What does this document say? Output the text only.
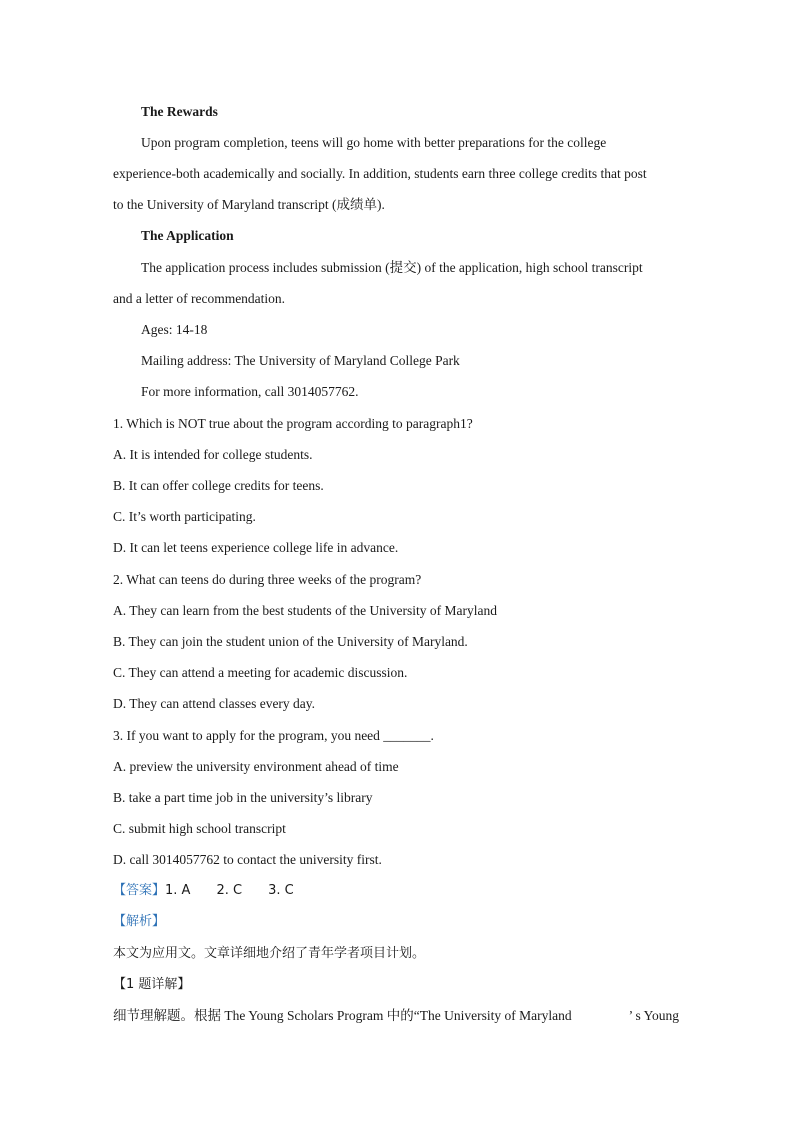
The Rewards
Upon program completion, teens will go home with better preparations for the college
experience-both academically and socially. In addition, students earn three college credits that post
to the University of Maryland transcript (成绩单).
The Application
The application process includes submission (提交) of the application, high school transcript
and a letter of recommendation.
Ages: 14-18
Mailing address: The University of Maryland College Park
For more information, call 3014057762.
1. Which is NOT true about the program according to paragraph1?
A. It is intended for college students.
B. It can offer college credits for teens.
C. It’s worth participating.
D. It can let teens experience college life in advance.
2. What can teens do during three weeks of the program?
A. They can learn from the best students of the University of Maryland
B. They can join the student union of the University of Maryland.
C. They can attend a meeting for academic discussion.
D. They can attend classes every day.
3. If you want to apply for the program, you need _______.
A. preview the university environment ahead of time
B. take a part time job in the university’s library
C. submit high school transcript
D. call 3014057762 to contact the university first.
【答案】1. A 2. C 3. C
【解析】
本文为应用文。文章详细地介绍了青年学者项目计划。
【1 题详解】
细节理解题。根据 The Young Scholars Program 中的“The University of Maryland	’ s Young
